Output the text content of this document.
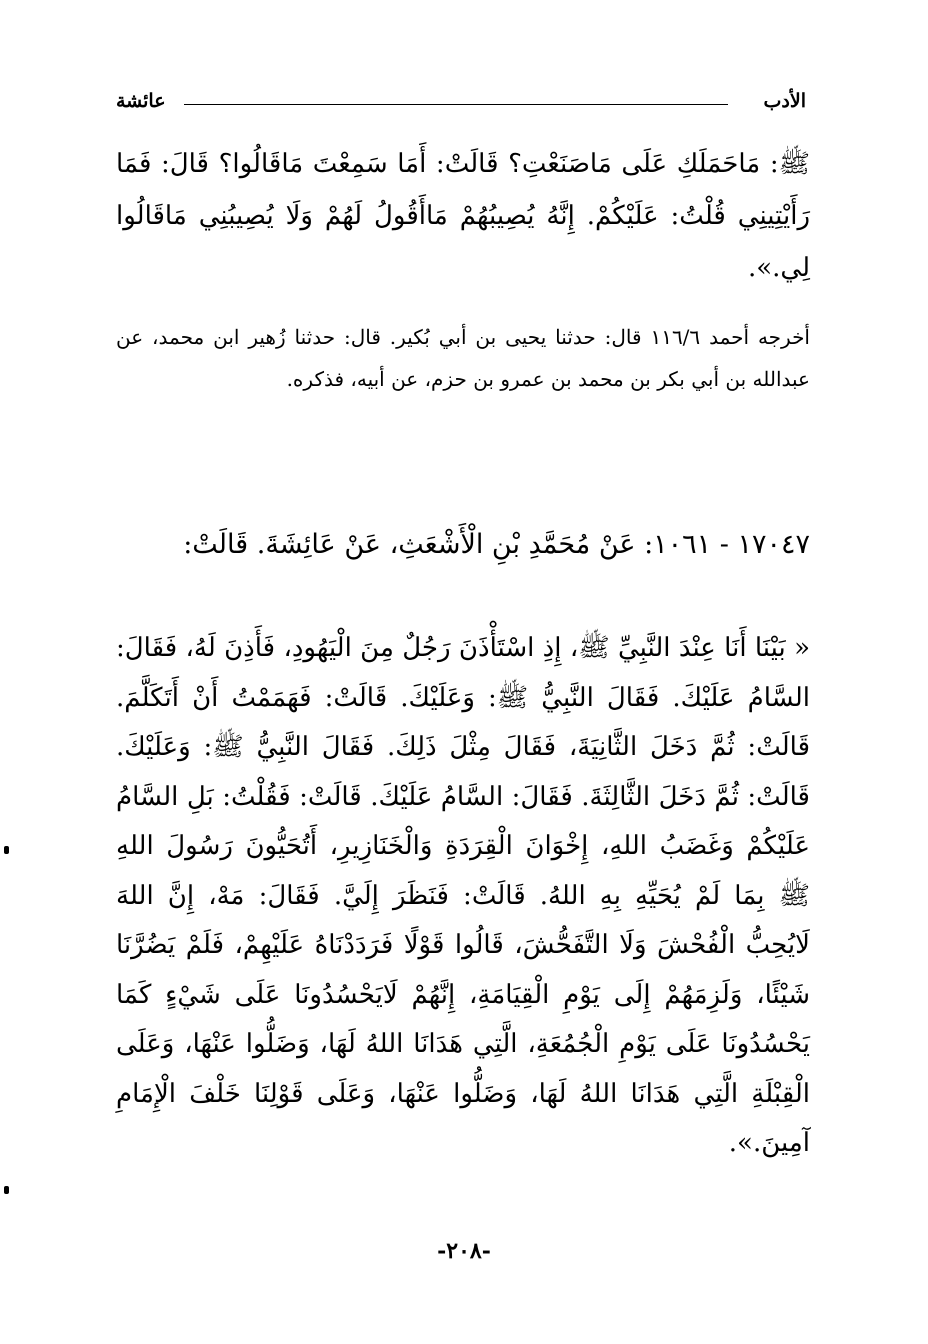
الأدب
عائشة

ﷺ: مَاحَمَلَكِ عَلَى مَاصَنَعْتِ؟ قَالَتْ: أَمَا سَمِعْتَ مَاقَالُوا؟ قَالَ: فَمَا رَأَيْتِينِي قُلْتُ: عَلَيْكُمْ. إِنَّهُ يُصِيبُهُمْ مَاأَقُولُ لَهُمْ وَلَا يُصِيبُنِي مَاقَالُوا لِي.».

أخرجه أحمد ١١٦/٦ قال: حدثنا يحيى بن أبي بُكير. قال: حدثنا زُهير ابن محمد، عن عبدالله بن أبي بكر بن محمد بن عمرو بن حزم، عن أبيه، فذكره.

١٧٠٤٧ - ١٠٦١: عَنْ مُحَمَّدِ بْنِ الْأَشْعَثِ، عَنْ عَائِشَةَ. قَالَتْ:

« بَيْنَا أَنَا عِنْدَ النَّبِيِّ ﷺ، إِذِ اسْتَأْذَنَ رَجُلٌ مِنَ الْيَهُودِ، فَأَذِنَ لَهُ، فَقَالَ: السَّامُ عَلَيْكَ. فَقَالَ النَّبِيُّ ﷺ: وَعَلَيْكَ. قَالَتْ: فَهَمَمْتُ أَنْ أَتَكَلَّمَ. قَالَتْ: ثُمَّ دَخَلَ الثَّانِيَةَ، فَقَالَ مِثْلَ ذَلِكَ. فَقَالَ النَّبِيُّ ﷺ: وَعَلَيْكَ. قَالَتْ: ثُمَّ دَخَلَ الثَّالِثَةَ. فَقَالَ: السَّامُ عَلَيْكَ. قَالَتْ: فَقُلْتُ: بَلِ السَّامُ عَلَيْكُمْ وَغَضَبُ اللهِ، إِخْوَانَ الْقِرَدَةِ وَالْخَنَازِيرِ، أَتُحَيُّونَ رَسُولَ اللهِ ﷺ بِمَا لَمْ يُحَيِّهِ بِهِ اللهُ. قَالَتْ: فَنَظَرَ إِلَيَّ. فَقَالَ: مَهْ، إِنَّ اللهَ لَايُحِبُّ الْفُحْشَ وَلَا التَّفَحُّشَ، قَالُوا قَوْلًا فَرَدَدْنَاهُ عَلَيْهِمْ، فَلَمْ يَضُرَّنَا شَيْئًا، وَلَزِمَهُمْ إِلَى يَوْمِ الْقِيَامَةِ، إِنَّهُمْ لَايَحْسُدُونَا عَلَى شَيْءٍ كَمَا يَحْسُدُونَا عَلَى يَوْمِ الْجُمُعَةِ، الَّتِي هَدَانَا اللهُ لَهَا، وَضَلُّوا عَنْهَا، وَعَلَى الْقِبْلَةِ الَّتِي هَدَانَا اللهُ لَهَا، وَضَلُّوا عَنْهَا، وَعَلَى قَوْلِنَا خَلْفَ الْإِمَامِ آمِينَ.».

-٢٠٨-
